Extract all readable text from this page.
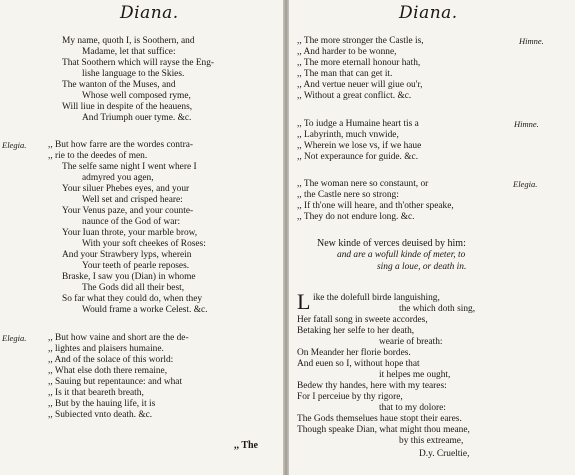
Diana.
My name, quoth I, is Soothern, and
Madame, let that suffice:
That Soothern which will rayse the Eng-
lishe language to the Skies.
The wanton of the Muses, and
Whose well composed ryme,
Will liue in despite of the heauens,
And Triumph ouer tyme. &c.
Elegia. ,, But how farre are the wordes contra-
,, rie to the deedes of men.
The selfe same night I went where I
admyred you agen,
Your siluer Phebes eyes, and your
Well set and crisped heare:
Your Venus paze, and your counte-
naunce of the God of war:
Your Iuan throte, your marble brow,
With your soft cheekes of Roses:
And your Strawbery lyps, wherein
Your teeth of pearle reposes.
Braske, I saw you (Dian) in whome
The Gods did all their best,
So far what they could do, when they
Would frame a worke Celest. &c.
Elegia. ,, But how vaine and short are the de-
,, lightes and plaisers humaine.
,, And of the solace of this world:
,, What else doth there remaine,
,, Sauing but repentaunce: and what
,, Is it that beareth breath,
,, But by the hauing life, it is
,, Subiected vnto death. &c.
,, The
Diana.
,, The more stronger the Castle is,	Himne.
,, And harder to be wonne,
,, The more eternall honour hath,
,, The man that can get it.
,, And vertue neuer will giue ou'r,
,, Without a great conflict. &c.
,, To iudge a Humaine heart tis a	Himne.
,, Labyrinth, much vnwide,
,, Wherein we lose vs, if we haue
,, Not experaunce for guide. &c.
,, The woman nere so constaunt, or	Elegia.
,, the Castle nere so strong:
,, If th'one will heare, and th'other speake,
,, They do not endure long. &c.
New kinde of verces deuised by him:
and are a wofull kinde of meter, to
sing a loue, or death in.
L ike the dolefull birde languishing,
the which doth sing,
Her fatall song in sweete accordes,
Betaking her selfe to her death,
wearie of breath:
On Meander her florie bordes.
And euen so I, without hope that
it helpes me ought,
Bedew thy handes, here with my teares:
For I perceiue by thy rigore,
that to my dolore:
The Gods themselues haue stopt their eares.
Though speake Dian, what might thou meane,
by this extreame,
D.y. Crueltie,
